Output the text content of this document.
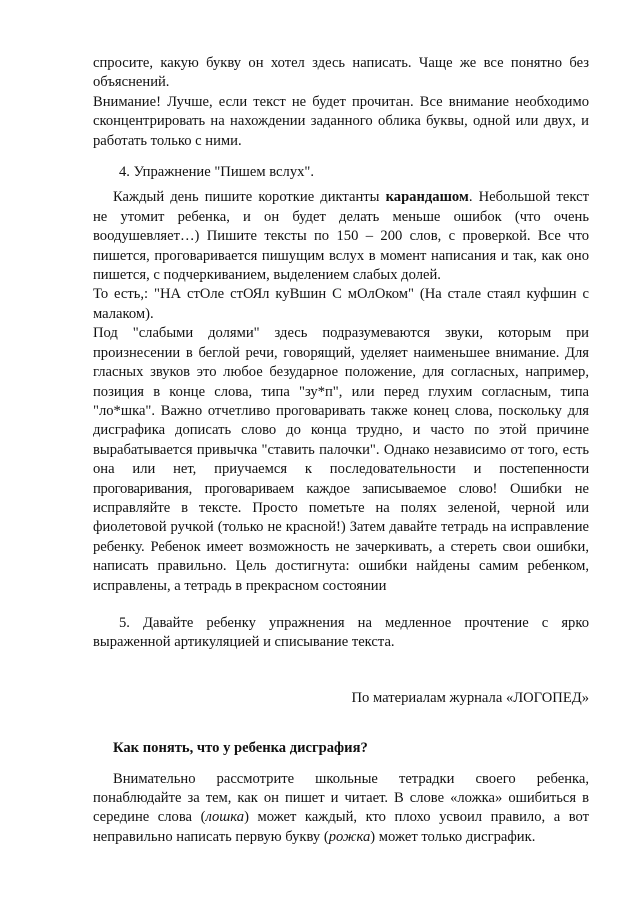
спросите, какую букву он хотел здесь написать. Чаще же все понятно без объяснений.

Внимание! Лучше, если текст не будет прочитан. Все внимание необходимо сконцентрировать на нахождении заданного облика буквы, одной или двух, и работать только с ними.

4. Упражнение "Пишем вслух".

Каждый день пишите короткие диктанты карандашом. Небольшой текст не утомит ребенка, и он будет делать меньше ошибок (что очень воодушевляет…) Пишите тексты по 150 – 200 слов, с проверкой. Все что пишется, проговаривается пишущим вслух в момент написания и так, как оно пишется, с подчеркиванием, выделением слабых долей.

То есть,: "НА стОле стОЯл куВшин С мОлОком" (На стале стаял куфшин с малаком).

Под "слабыми долями" здесь подразумеваются звуки, которым при произнесении в беглой речи, говорящий, уделяет наименьшее внимание. Для гласных звуков это любое безударное положение, для согласных, например, позиция в конце слова, типа "зу*п", или перед глухим согласным, типа "ло*шка". Важно отчетливо проговаривать также конец слова, поскольку для дисграфика дописать слово до конца трудно, и часто по этой причине вырабатывается привычка "ставить палочки". Однако независимо от того, есть она или нет, приучаемся к последовательности и постепенности проговаривания, проговариваем каждое записываемое слово! Ошибки не исправляйте в тексте. Просто пометьте на полях зеленой, черной или фиолетовой ручкой (только не красной!) Затем давайте тетрадь на исправление ребенку. Ребенок имеет возможность не зачеркивать, а стереть свои ошибки, написать правильно. Цель достигнута: ошибки найдены самим ребенком, исправлены, а тетрадь в прекрасном состоянии

5. Давайте ребенку упражнения на медленное прочтение с ярко выраженной артикуляцией и списывание текста.

По материалам журнала «ЛОГОПЕД»

Как понять, что у ребенка дисграфия?

Внимательно рассмотрите школьные тетрадки своего ребенка, понаблюдайте за тем, как он пишет и читает. В слове «ложка» ошибиться в середине слова (лошка) может каждый, кто плохо усвоил правило, а вот неправильно написать первую букву (рожка) может только дисграфик.
